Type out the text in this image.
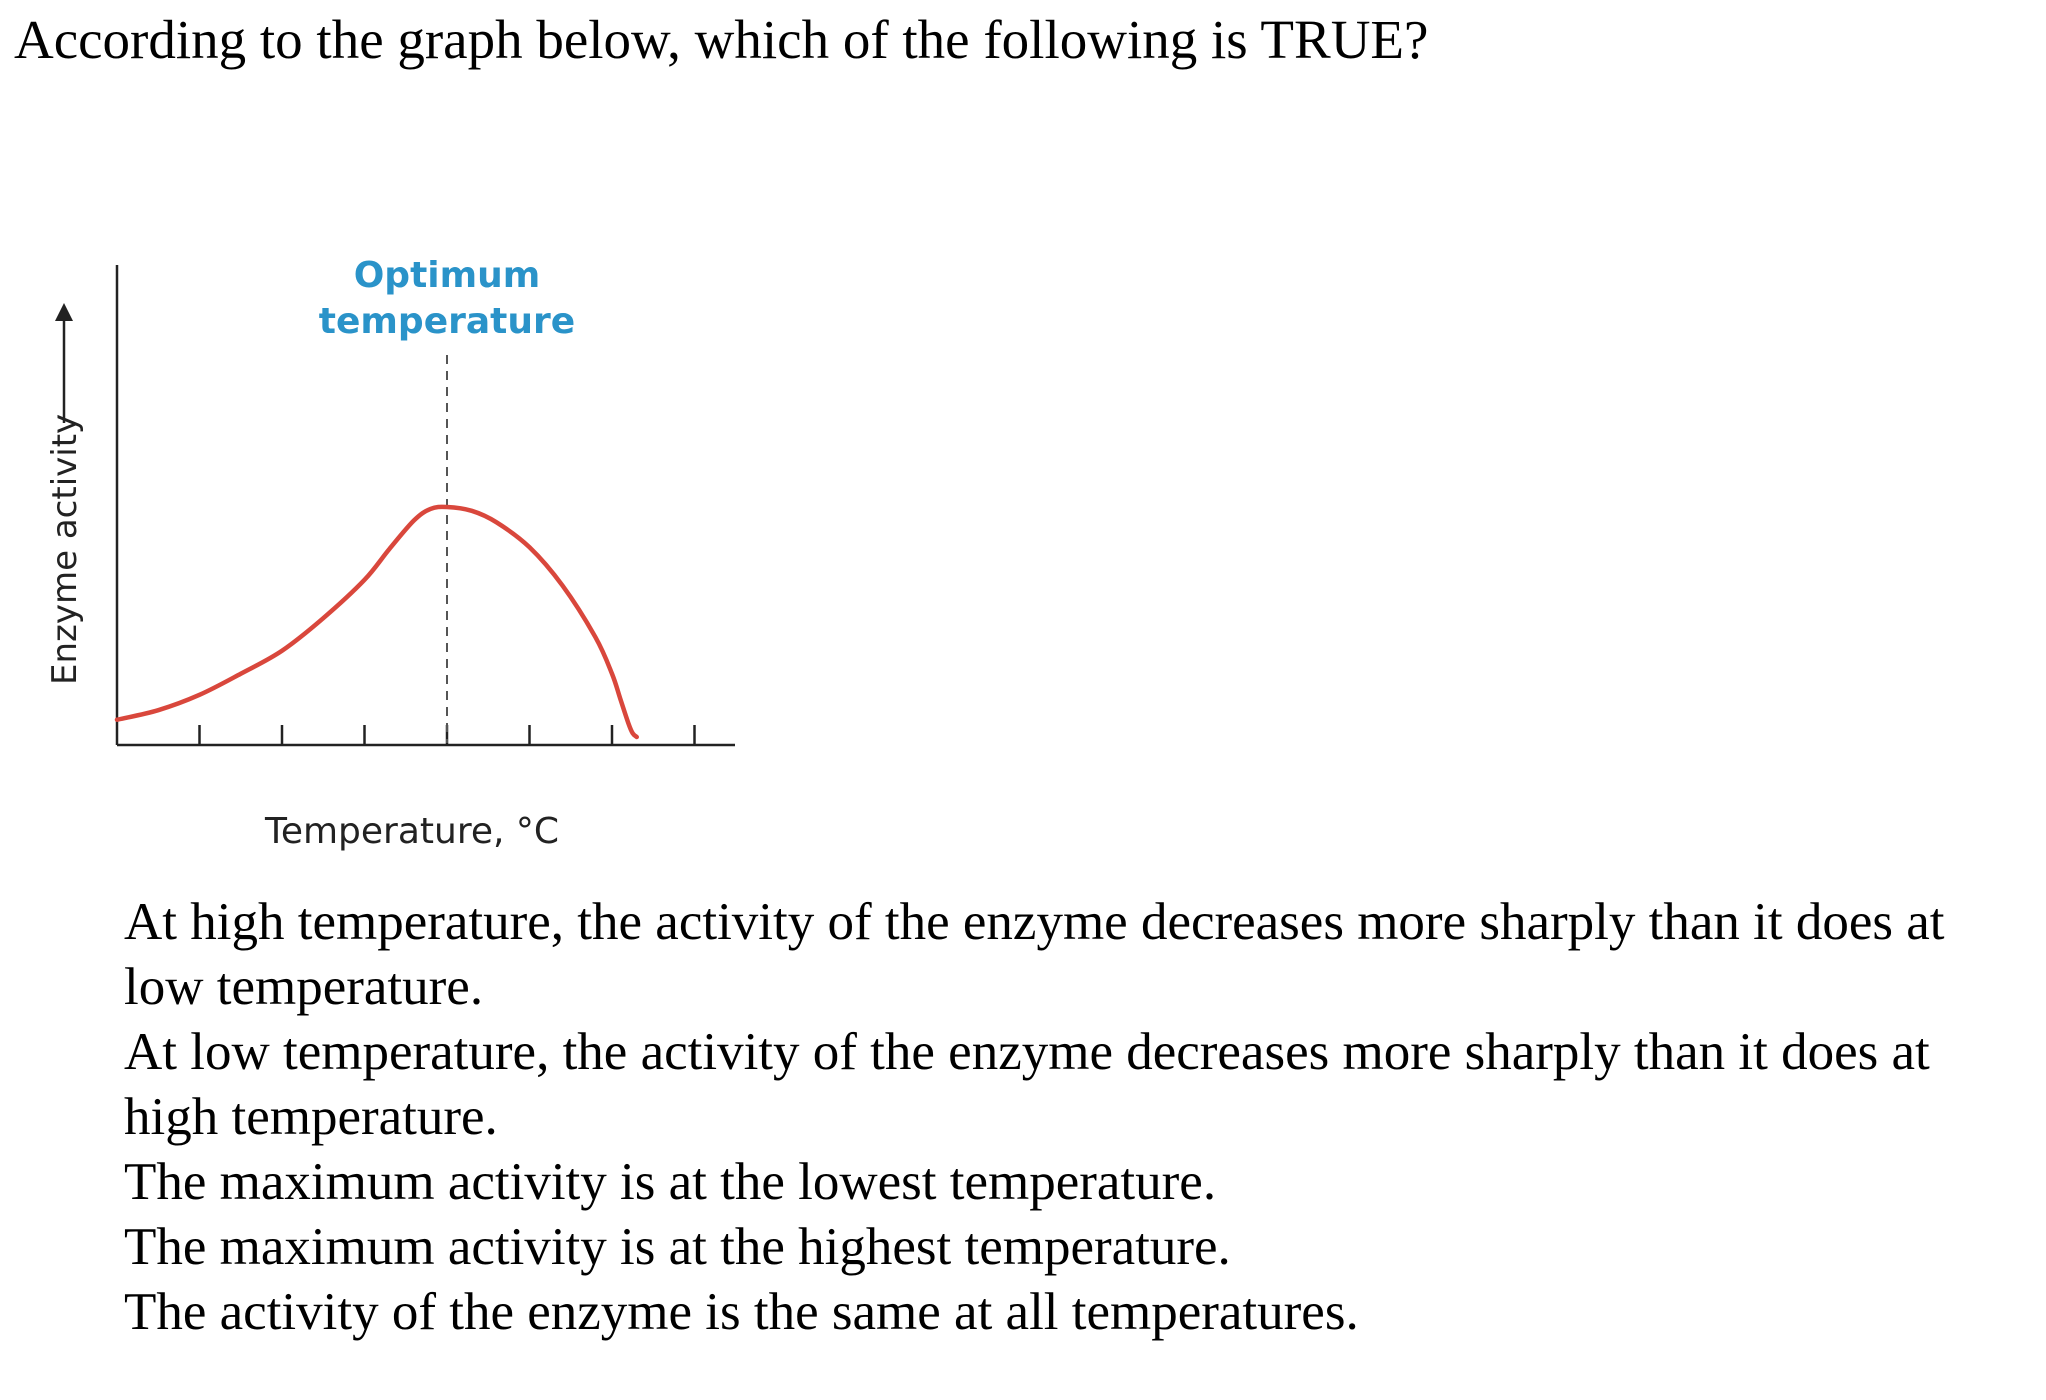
According to the graph below, which of the following is TRUE?
Optimum temperature
Temperature, °C
Enzyme activity
At high temperature, the activity of the enzyme decreases more sharply than it does at low temperature.
At low temperature, the activity of the enzyme decreases more sharply than it does at high temperature.
The maximum activity is at the lowest temperature.
The maximum activity is at the highest temperature.
The activity of the enzyme is the same at all temperatures.
